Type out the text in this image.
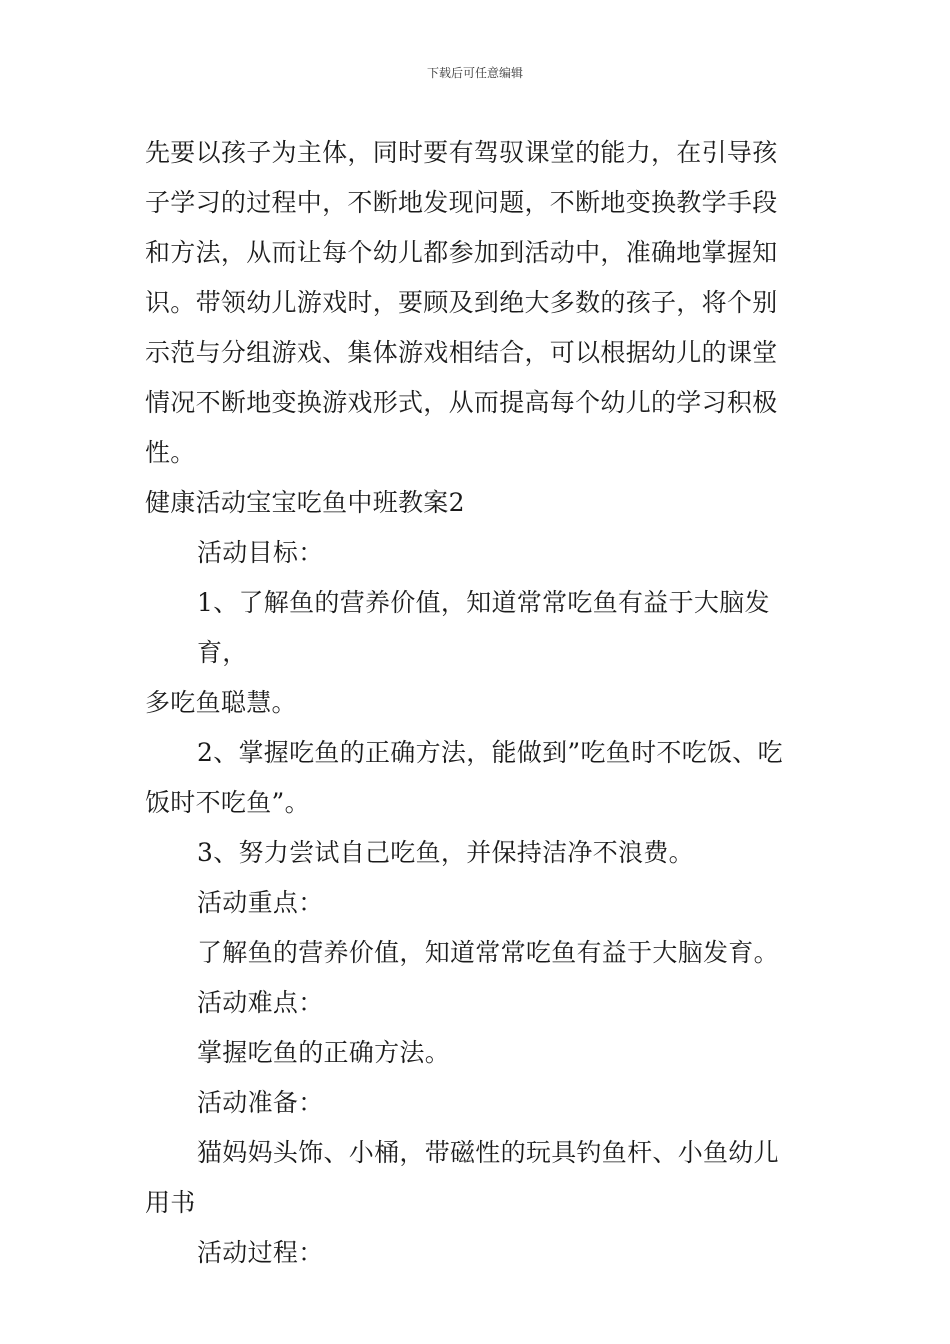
下载后可任意编辑

先要以孩子为主体，同时要有驾驭课堂的能力，在引导孩

子学习的过程中，不断地发现问题，不断地变换教学手段

和方法，从而让每个幼儿都参加到活动中，准确地掌握知

识。带领幼儿游戏时，要顾及到绝大多数的孩子，将个别

示范与分组游戏、集体游戏相结合，可以根据幼儿的课堂

情况不断地变换游戏形式，从而提高每个幼儿的学习积极

性。

健康活动宝宝吃鱼中班教案2

活动目标：

1、了解鱼的营养价值，知道常常吃鱼有益于大脑发育，

多吃鱼聪慧。

2、掌握吃鱼的正确方法，能做到”吃鱼时不吃饭、吃

饭时不吃鱼”。

3、努力尝试自己吃鱼，并保持洁净不浪费。

活动重点：

了解鱼的营养价值，知道常常吃鱼有益于大脑发育。

活动难点：

掌握吃鱼的正确方法。

活动准备：

猫妈妈头饰、小桶，带磁性的玩具钓鱼杆、小鱼幼儿

用书

活动过程：
